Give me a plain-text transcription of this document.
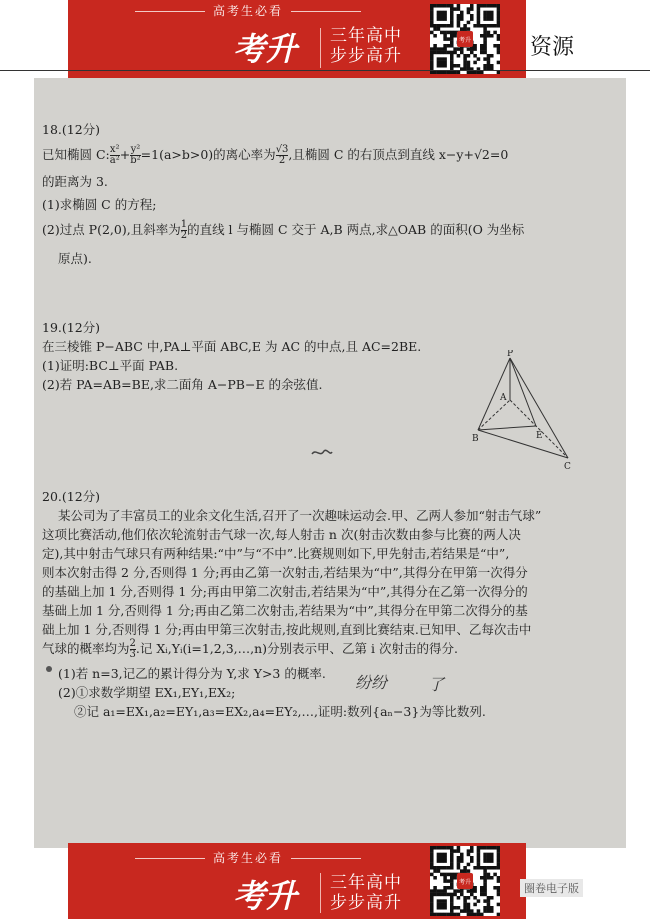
高考生必看
考升 三年高中
步步高升
考升	资源
18.(12分)
已知椭圆 C: $\frac{\text{x²}}{\text{a²}} + \frac{\text{y²}}{\text{b²}} =1(a>b>0)$的离心率为 $\frac{√3}{2}$ ,且椭圆 C 的右顶点到直线 x−y+√2=0
的距离为 3.
(1)求椭圆 C 的方程;
(2)过点 P(2,0),且斜率为 $\frac{1}{2}$ 的直线 l 与椭圆 C 交于 A,B 两点,求△OAB 的面积(O 为坐标
原点).
19.(12分)
在三棱锥 P−ABC 中,PA⊥平面 ABC,E 为 AC 的中点,且 AC=2BE.
(1)证明:BC⊥平面 PAB.
(2)若 PA=AB=BE,求二面角 A−PB−E 的余弦值.
P
A
B	E
C
20.(12分)
某公司为了丰富员工的业余文化生活,召开了一次趣味运动会.甲、乙两人参加“射击气球”
这项比赛活动,他们依次轮流射击气球一次,每人射击 n 次(射击次数由参与比赛的两人决
定),其中射击气球只有两种结果:“中”与“不中”.比赛规则如下,甲先射击,若结果是“中”,
则本次射击得 2 分,否则得 1 分;再由乙第一次射击,若结果为“中”,其得分在甲第一次得分
的基础上加 1 分,否则得 1 分;再由甲第二次射击,若结果为“中”,其得分在乙第一次得分的
基础上加 1 分,否则得 1 分;再由乙第二次射击,若结果为“中”,其得分在甲第二次得分的基
础上加 1 分,否则得 1 分;再由甲第三次射击,按此规则,直到比赛结束.已知甲、乙每次击中
气球的概率均为 $\frac{2}{3}$ .记 Xᵢ,Yᵢ(i=1,2,3,…,n)分别表示甲、乙第 i 次射击的得分.
(1)若 n=3,记乙的累计得分为 Y,求 Y>3 的概率.
(2)①求数学期望 EX₁,EY₁,EX₂;
②记 a₁=EX₁,a₂=EY₁,a₃=EX₂,a₄=EY₂,…,证明:数列{aₙ−3}为等比数列.
纷纷	了
高考生必看
考升 三年高中
步步高升
考升	圈卷电子版
